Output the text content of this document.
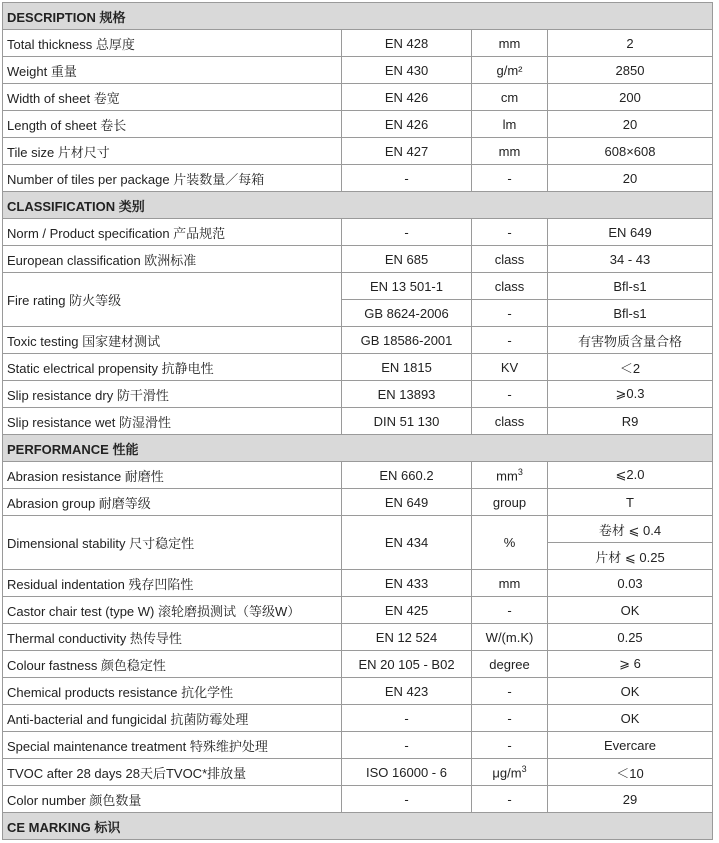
DESCRIPTION 规格			
Total thickness 总厚度	EN 428	mm	2
Weight 重量	EN 430	g/m²	2850
Width of sheet 卷宽	EN 426	cm	200
Length of sheet 卷长	EN 426	lm	20
Tile size 片材尺寸	EN 427	mm	608×608
Number of tiles per package 片装数量／每箱	-	-	20
CLASSIFICATION 类别			
Norm / Product specification 产品规范	-	-	EN 649
European classification 欧洲标准	EN 685	class	34 - 43
Fire rating 防火等级	EN 13 501-1	class	Bfl-s1
	GB 8624-2006	-	Bfl-s1
Toxic testing 国家建材测试	GB 18586-2001	-	有害物质含量合格
Static electrical propensity 抗静电性	EN 1815	KV	＜2
Slip resistance dry 防干滑性	EN 13893	-	⩾0.3
Slip resistance wet 防湿滑性	DIN 51 130	class	R9
PERFORMANCE 性能			
Abrasion resistance 耐磨性	EN 660.2	$mm^3$	⩽2.0
Abrasion group 耐磨等级	EN 649	group	T
Dimensional stability 尺寸稳定性	EN 434	%	卷材 ⩽ 0.4
			片材 ⩽ 0.25
Residual indentation 残存凹陷性	EN 433	mm	0.03
Castor chair test (type W) 滚轮磨损测试（等级W）	EN 425	-	OK
Thermal conductivity 热传导性	EN 12 524	W/(m.K)	0.25
Colour fastness 颜色稳定性	EN 20 105 - B02	degree	⩾ 6
Chemical products resistance 抗化学性	EN 423	-	OK
Anti-bacterial and fungicidal 抗菌防霉处理	-	-	OK
Special maintenance treatment 特殊维护处理	-	-	Evercare
TVOC after 28 days 28天后TVOC*排放量	ISO 16000 - 6	$\mu g/m^3$	＜10
Color number 颜色数量	-	-	29
CE MARKING 标识			
